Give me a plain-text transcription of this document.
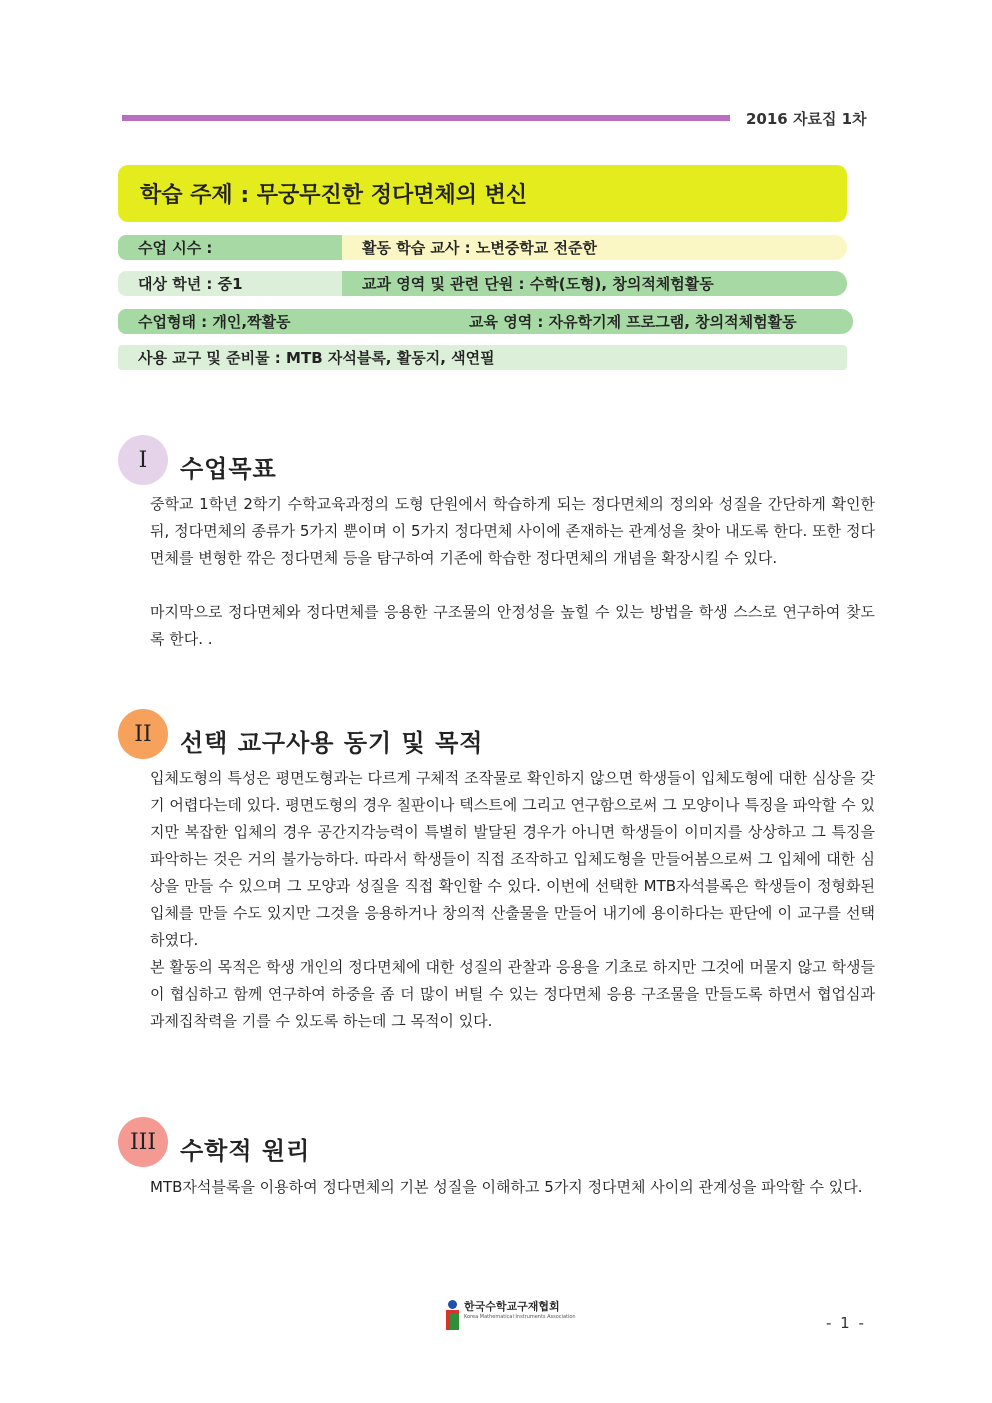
2016 자료집 1차
학습 주제 : 무궁무진한 정다면체의 변신
수업 시수 :	활동 학습 교사 : 노변중학교 전준한
대상 학년 : 중1	교과 영역 및 관련 단원 : 수학(도형), 창의적체험활동
수업형태 : 개인,짝활동	교육 영역 : 자유학기제 프로그램, 창의적체험활동
사용 교구 및 준비물 : MTB 자석블록, 활동지, 색연필
I	수업목표

중학교 1학년 2학기 수학교육과정의 도형 단원에서 학습하게 되는 정다면체의 정의와 성질을 간단하게 확인한 뒤, 정다면체의 종류가 5가지 뿐이며 이 5가지 정다면체 사이에 존재하는 관계성을 찾아 내도록 한다. 또한 정다면체를 변형한 깎은 정다면체 등을 탐구하여 기존에 학습한 정다면체의 개념을 확장시킬 수 있다.

마지막으로 정다면체와 정다면체를 응용한 구조물의 안정성을 높힐 수 있는 방법을 학생 스스로 연구하여 찾도록 한다. .

II	선택 교구사용 동기 및 목적

입체도형의 특성은 평면도형과는 다르게 구체적 조작물로 확인하지 않으면 학생들이 입체도형에 대한 심상을 갖기 어렵다는데 있다. 평면도형의 경우 칠판이나 텍스트에 그리고 연구함으로써 그 모양이나 특징을 파악할 수 있지만 복잡한 입체의 경우 공간지각능력이 특별히 발달된 경우가 아니면 학생들이 이미지를 상상하고 그 특징을 파악하는 것은 거의 불가능하다. 따라서 학생들이 직접 조작하고 입체도형을 만들어봄으로써 그 입체에 대한 심상을 만들 수 있으며 그 모양과 성질을 직접 확인할 수 있다. 이번에 선택한 MTB자석블록은 학생들이 정형화된 입체를 만들 수도 있지만 그것을 응용하거나 창의적 산출물을 만들어 내기에 용이하다는 판단에 이 교구를 선택하였다.

본 활동의 목적은 학생 개인의 정다면체에 대한 성질의 관찰과 응용을 기초로 하지만 그것에 머물지 않고 학생들이 협심하고 함께 연구하여 하중을 좀 더 많이 버틸 수 있는 정다면체 응용 구조물을 만들도록 하면서 협업심과 과제집착력을 기를 수 있도록 하는데 그 목적이 있다.

III 수학적 원리

MTB자석블록을 이용하여 정다면체의 기본 성질을 이해하고 5가지 정다면체 사이의 관계성을 파악할 수 있다.

한국수학교구재협회
Korea Mathematical Instruments Association	- 1 -
